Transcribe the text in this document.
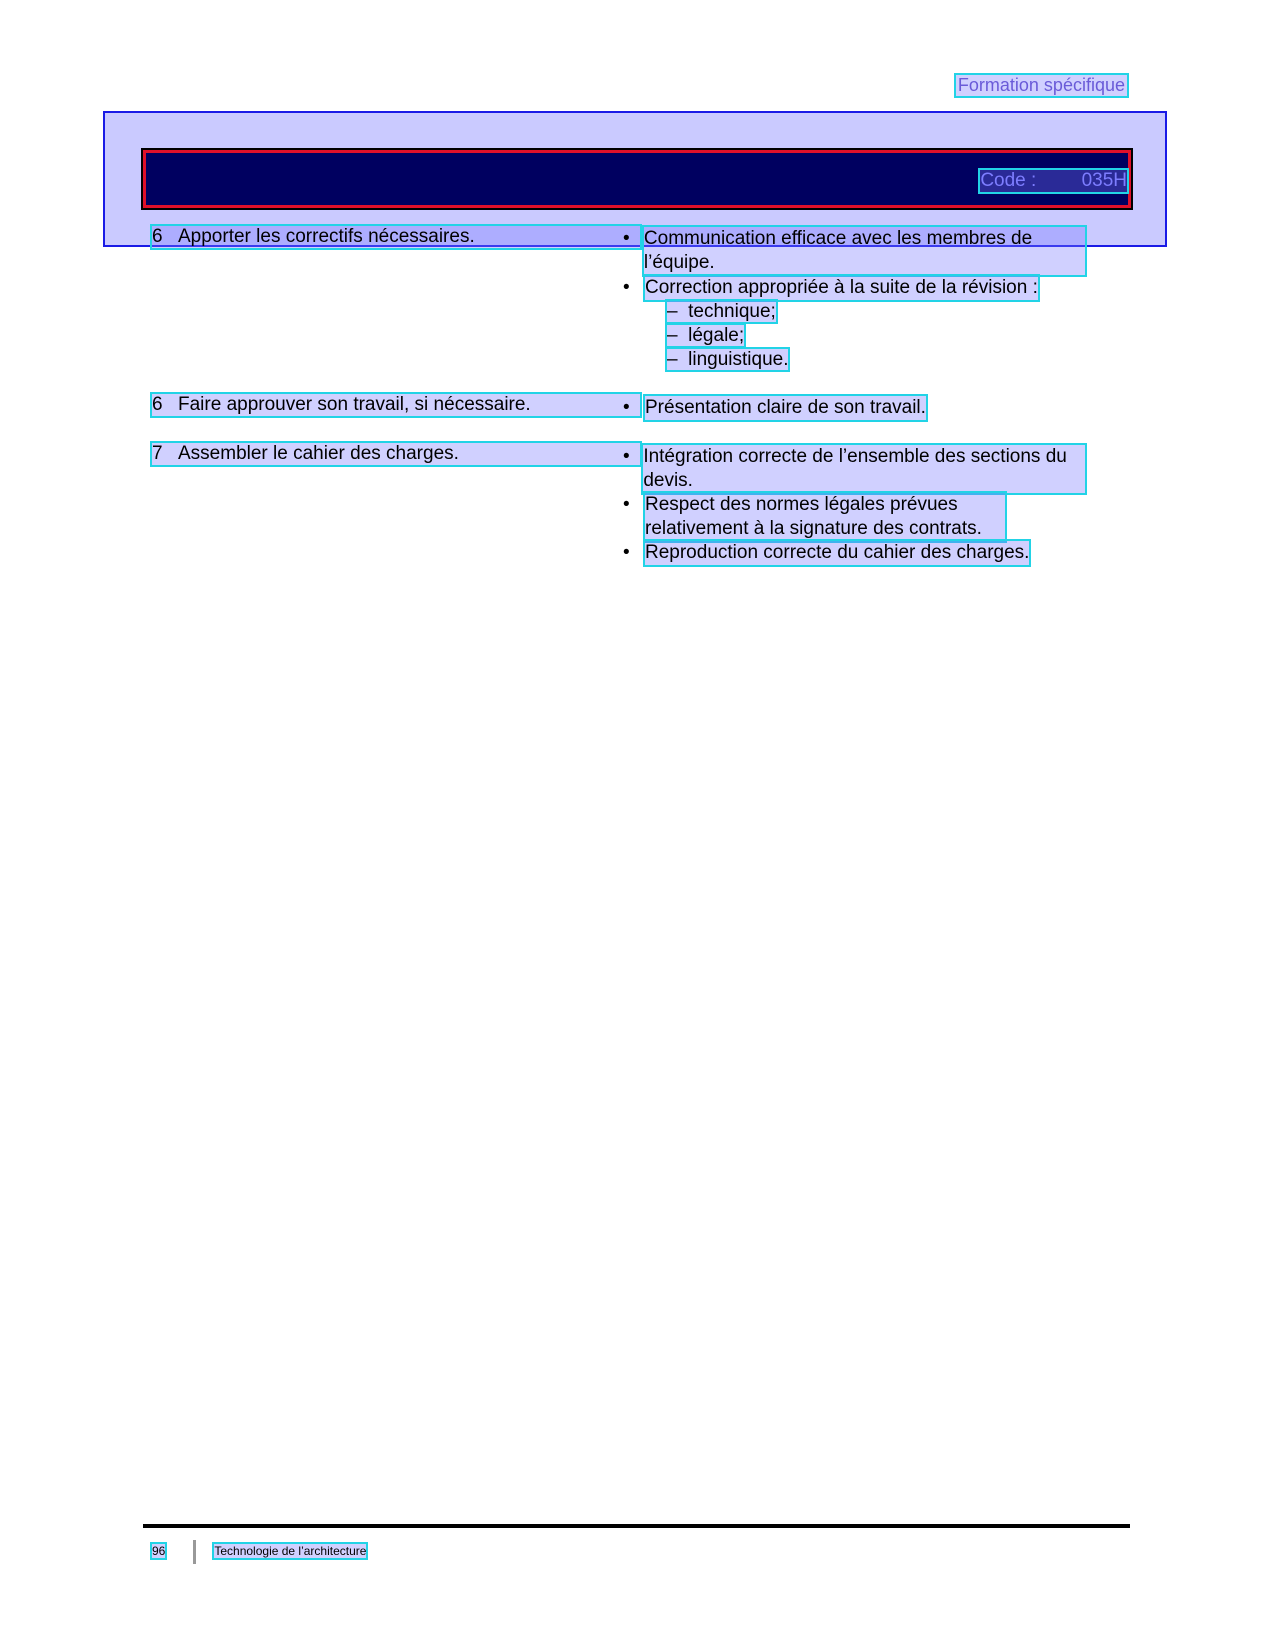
Formation spécifique
Code : 035H
6 Apporter les correctifs nécessaires.	• Communication efficace avec les membres de l’équipe.
• Correction appropriée à la suite de la révision :
– technique;
– légale;
– linguistique.
6 Faire approuver son travail, si nécessaire.	• Présentation claire de son travail.
7 Assembler le cahier des charges.	• Intégration correcte de l’ensemble des sections du devis.
• Respect des normes légales prévues relativement à la signature des contrats.
• Reproduction correcte du cahier des charges.
96	Technologie de l’architecture
